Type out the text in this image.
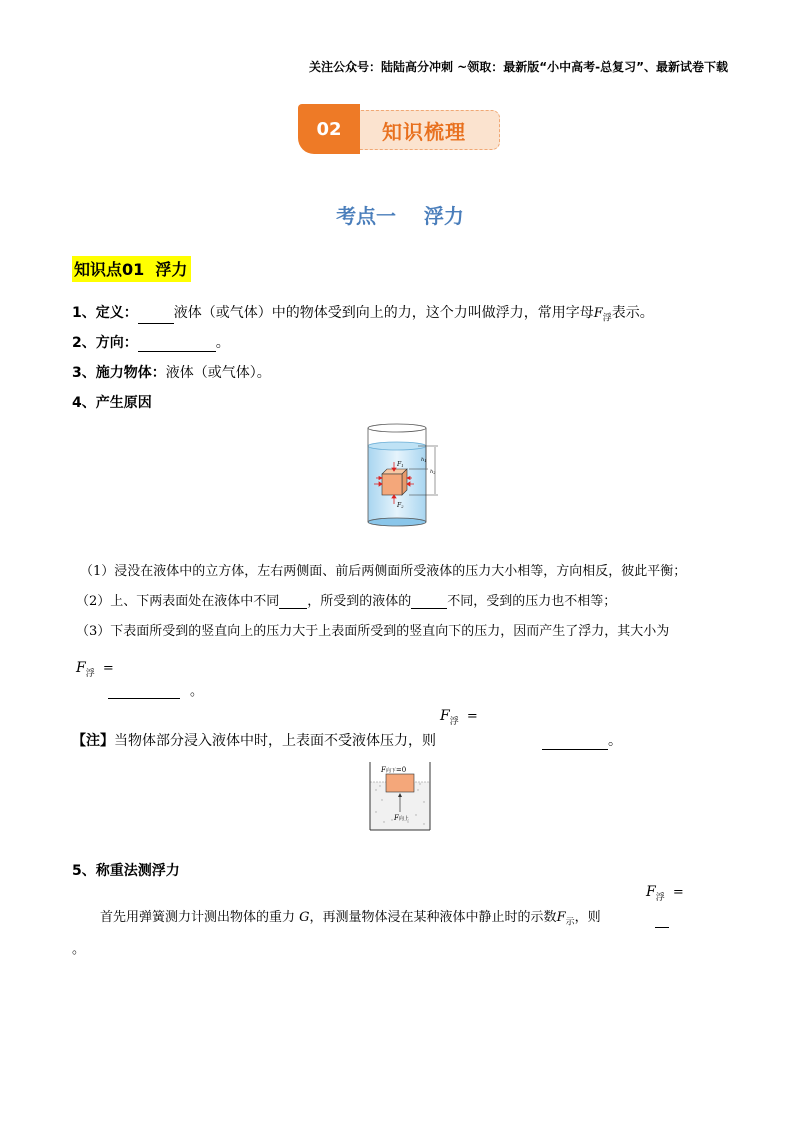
关注公众号：陆陆高分冲刺 ~领取：最新版“小中高考-总复习”、最新试卷下载
知识梳理
02
考点一    浮力
知识点01  浮力
1、定义：	液体（或气体）中的物体受到向上的力，这个力叫做浮力，常用字母$F_浮$表示。
2、方向：	。
3、施力物体：液体（或气体）。
4、产生原因
F1
F2
$h_1$
$h_2$
（1）浸没在液体中的立方体，左右两侧面、前后两侧面所受液体的压力大小相等，方向相反，彼此平衡；
（2）上、下两表面处在液体中不同 ，所受到的液体的	不同，受到的压力也不相等；
（3）下表面所受到的竖直向上的压力大于上表面所受到的竖直向下的压力，因而产生了浮力，其大小为
$F_浮$ =
。
$F_浮$ =
【注】当物体部分浸入液体中时，上表面不受液体压力，则	。
F向下=0
F向上
5、称重法测浮力
$F_浮$ =
首先用弹簧测力计测出物体的重力 G，再测量物体浸在某种液体中静止时的示数$F_示$，则
。
